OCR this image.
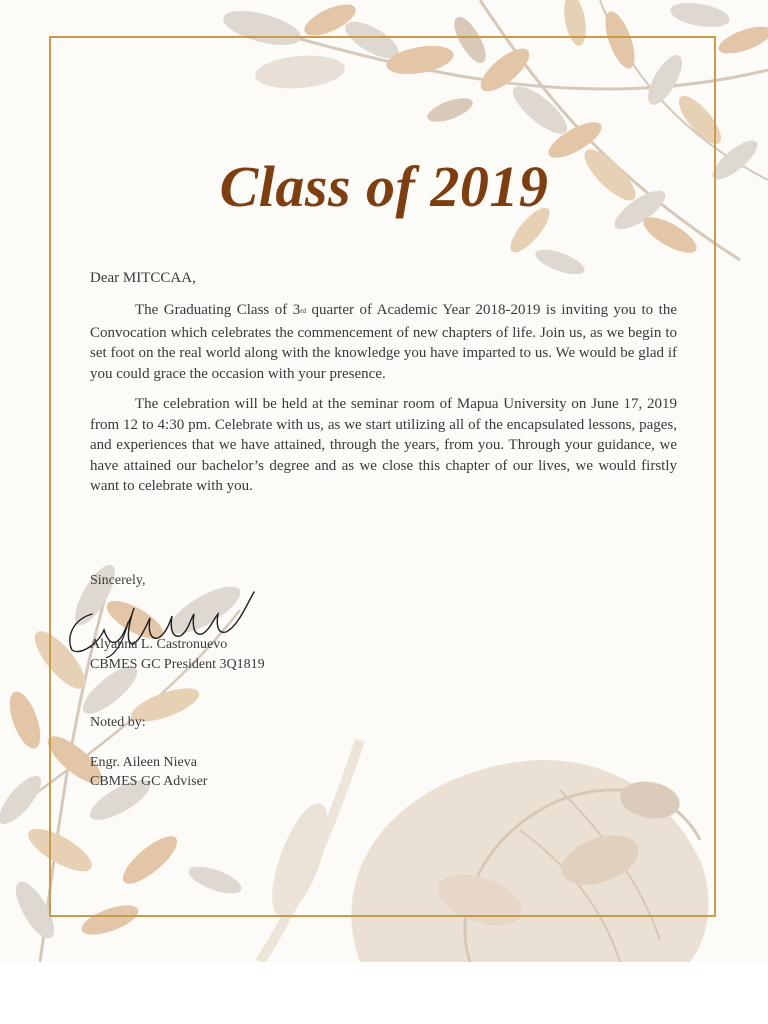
Class of 2019
Dear MITCCAA,

The Graduating Class of 3rd quarter of Academic Year 2018-2019 is inviting you to the Convocation which celebrates the commencement of new chapters of life. Join us, as we begin to set foot on the real world along with the knowledge you have imparted to us. We would be glad if you could grace the occasion with your presence.

The celebration will be held at the seminar room of Mapua University on June 17, 2019 from 12 to 4:30 pm. Celebrate with us, as we start utilizing all of the encapsulated lessons, pages, and experiences that we have attained, through the years, from you. Through your guidance, we have attained our bachelor’s degree and as we close this chapter of our lives, we would firstly want to celebrate with you.

Sincerely,
Alyanna L. Castronuevo
CBMES GC President 3Q1819
Noted by:
Engr. Aileen Nieva
CBMES GC Adviser
